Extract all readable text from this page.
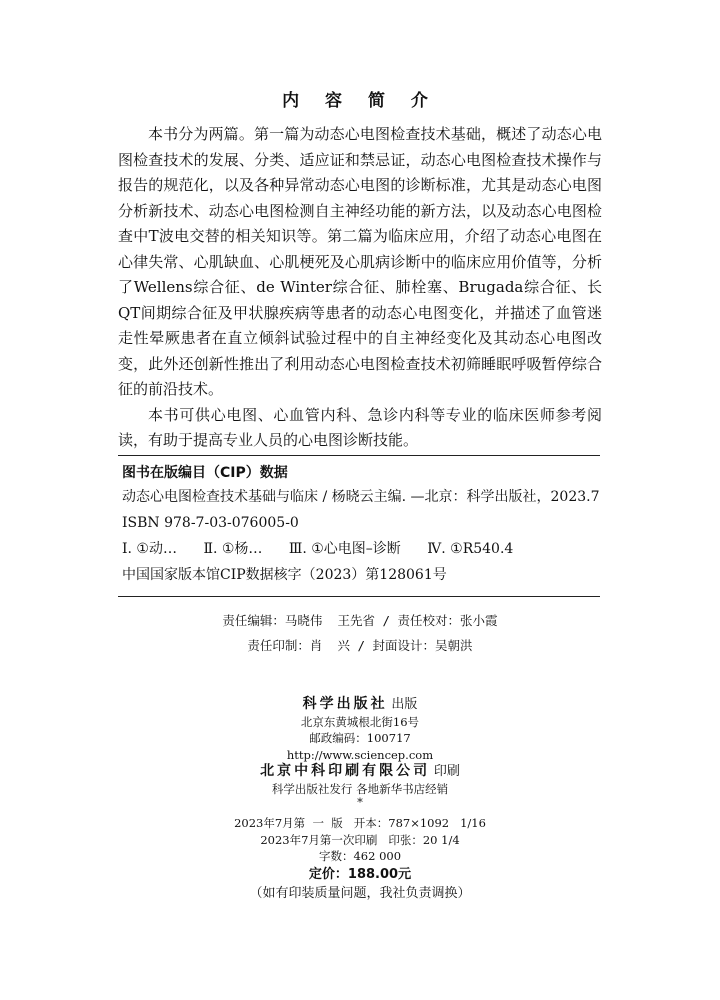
内 容 简 介

本书分为两篇。第一篇为动态心电图检查技术基础，概述了动态心电图检查技术的发展、分类、适应证和禁忌证，动态心电图检查技术操作与报告的规范化，以及各种异常动态心电图的诊断标准，尤其是动态心电图分析新技术、动态心电图检测自主神经功能的新方法，以及动态心电图检查中T波电交替的相关知识等。第二篇为临床应用，介绍了动态心电图在心律失常、心肌缺血、心肌梗死及心肌病诊断中的临床应用价值等，分析了Wellens综合征、de Winter综合征、肺栓塞、Brugada综合征、长QT间期综合征及甲状腺疾病等患者的动态心电图变化，并描述了血管迷走性晕厥患者在直立倾斜试验过程中的自主神经变化及其动态心电图改变，此外还创新性推出了利用动态心电图检查技术初筛睡眠呼吸暂停综合征的前沿技术。

本书可供心电图、心血管内科、急诊内科等专业的临床医师参考阅读，有助于提高专业人员的心电图诊断技能。

图书在版编目（CIP）数据
动态心电图检查技术基础与临床 / 杨晓云主编. —北京：科学出版社，2023.7
ISBN 978-7-03-076005-0
Ⅰ. ①动… Ⅱ. ①杨… Ⅲ. ①心电图–诊断 Ⅳ. ①R540.4
中国国家版本馆CIP数据核字（2023）第128061号
责任编辑：马晓伟  王先省 / 责任校对：张小霞
责任印制：肖  兴 / 封面设计：吴朝洪
科学出版社 出版
北京东黄城根北街16号
邮政编码：100717
http://www.sciencep.com
北京中科印刷有限公司 印刷
科学出版社发行 各地新华书店经销
*
2023年7月第  一  版   开本：787×1092   1/16
2023年7月第一次印刷   印张：20 1/4
字数：462 000
定价：188.00元
（如有印装质量问题，我社负责调换）
